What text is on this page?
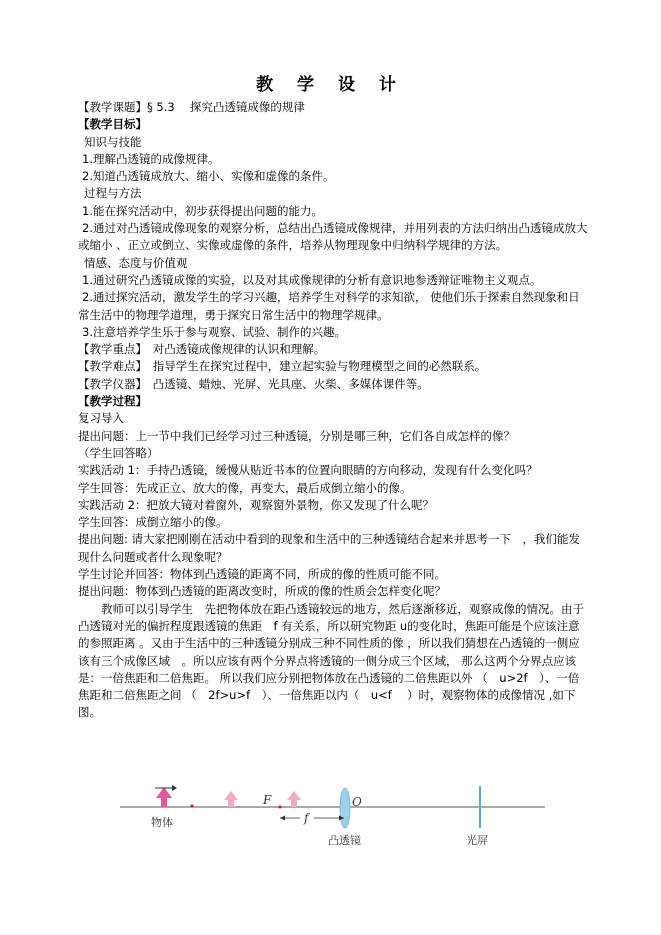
教 学 设 计

【教学课题】§ 5.3　 探究凸透镜成像的规律

【教学目标】

知识与技能

1.理解凸透镜的成像规律。

2.知道凸透镜成放大、缩小、实像和虚像的条件。

过程与方法

1.能在探究活动中，初步获得提出问题的能力。

2.通过对凸透镜成像现象的观察分析，总结出凸透镜成像规律，并用列表的方法归纳出凸透镜成放大或缩小 、正立或倒立、实像或虚像的条件，培养从物理现象中归纳科学规律的方法。

情感、态度与价值观

1.通过研究凸透镜成像的实验，以及对其成像规律的分析有意识地参透辩证唯物主义观点。

2.通过探究活动，激发学生的学习兴趣，培养学生对科学的求知欲， 使他们乐于探索自然现象和日常生活中的物理学道理，勇于探究日常生活中的物理学规律。

3.注意培养学生乐于参与观察、试验、制作的兴趣。

【教学重点】　对凸透镜成像规律的认识和理解。

【教学难点】　指导学生在探究过程中，建立起实验与物理模型之间的必然联系。

【教学仪器】　凸透镜、蜡烛、光屏、光具座、火柴、多媒体课件等。

【教学过程】

复习导入

提出问题：上一节中我们已经学习过三种透镜，分别是哪三种，它们各自成怎样的像？

（学生回答略）

实践活动 1：手持凸透镜，缓慢从贴近书本的位置向眼睛的方向移动，发现有什么变化吗？

学生回答：先成正立、放大的像，再变大，最后成倒立缩小的像。

实践活动 2：把放大镜对着窗外，观察窗外景物，你又发现了什么呢？

学生回答：成倒立缩小的像。

提出问题: 请大家把刚刚在活动中看到的现象和生活中的三种透镜结合起来并思考一下　，我们能发现什么问题或者什么现象呢？

学生讨论并回答：物体到凸透镜的距离不同，所成的像的性质可能不同。

提出问题：物体到凸透镜的距离改变时，所成的像的性质会怎样变化呢？

　　教师可以引导学生　先把物体放在距凸透镜较远的地方，然后逐渐移近，观察成像的情况。由于凸透镜对光的偏折程度跟透镜的焦距　f 有关系，所以研究物距 u的变化时，焦距可能是个应该注意的参照距离 。又由于生活中的三种透镜分别成三种不同性质的像 ，所以我们猜想在凸透镜的一侧应该有三个成像区域　。所以应该有两个分界点将透镜的一侧分成三个区域， 那么这两个分界点应该是：一倍焦距和二倍焦距。 所以我们应分别把物体放在凸透镜的二倍焦距以外 （　u>2f　）、一倍焦距和二倍焦距之间 （　2f>u>f　）、一倍焦距以内（　u<f　 ）时，观察物体的成像情况 ,如下图。

F	O
f
物体
凸透镜	光屏
